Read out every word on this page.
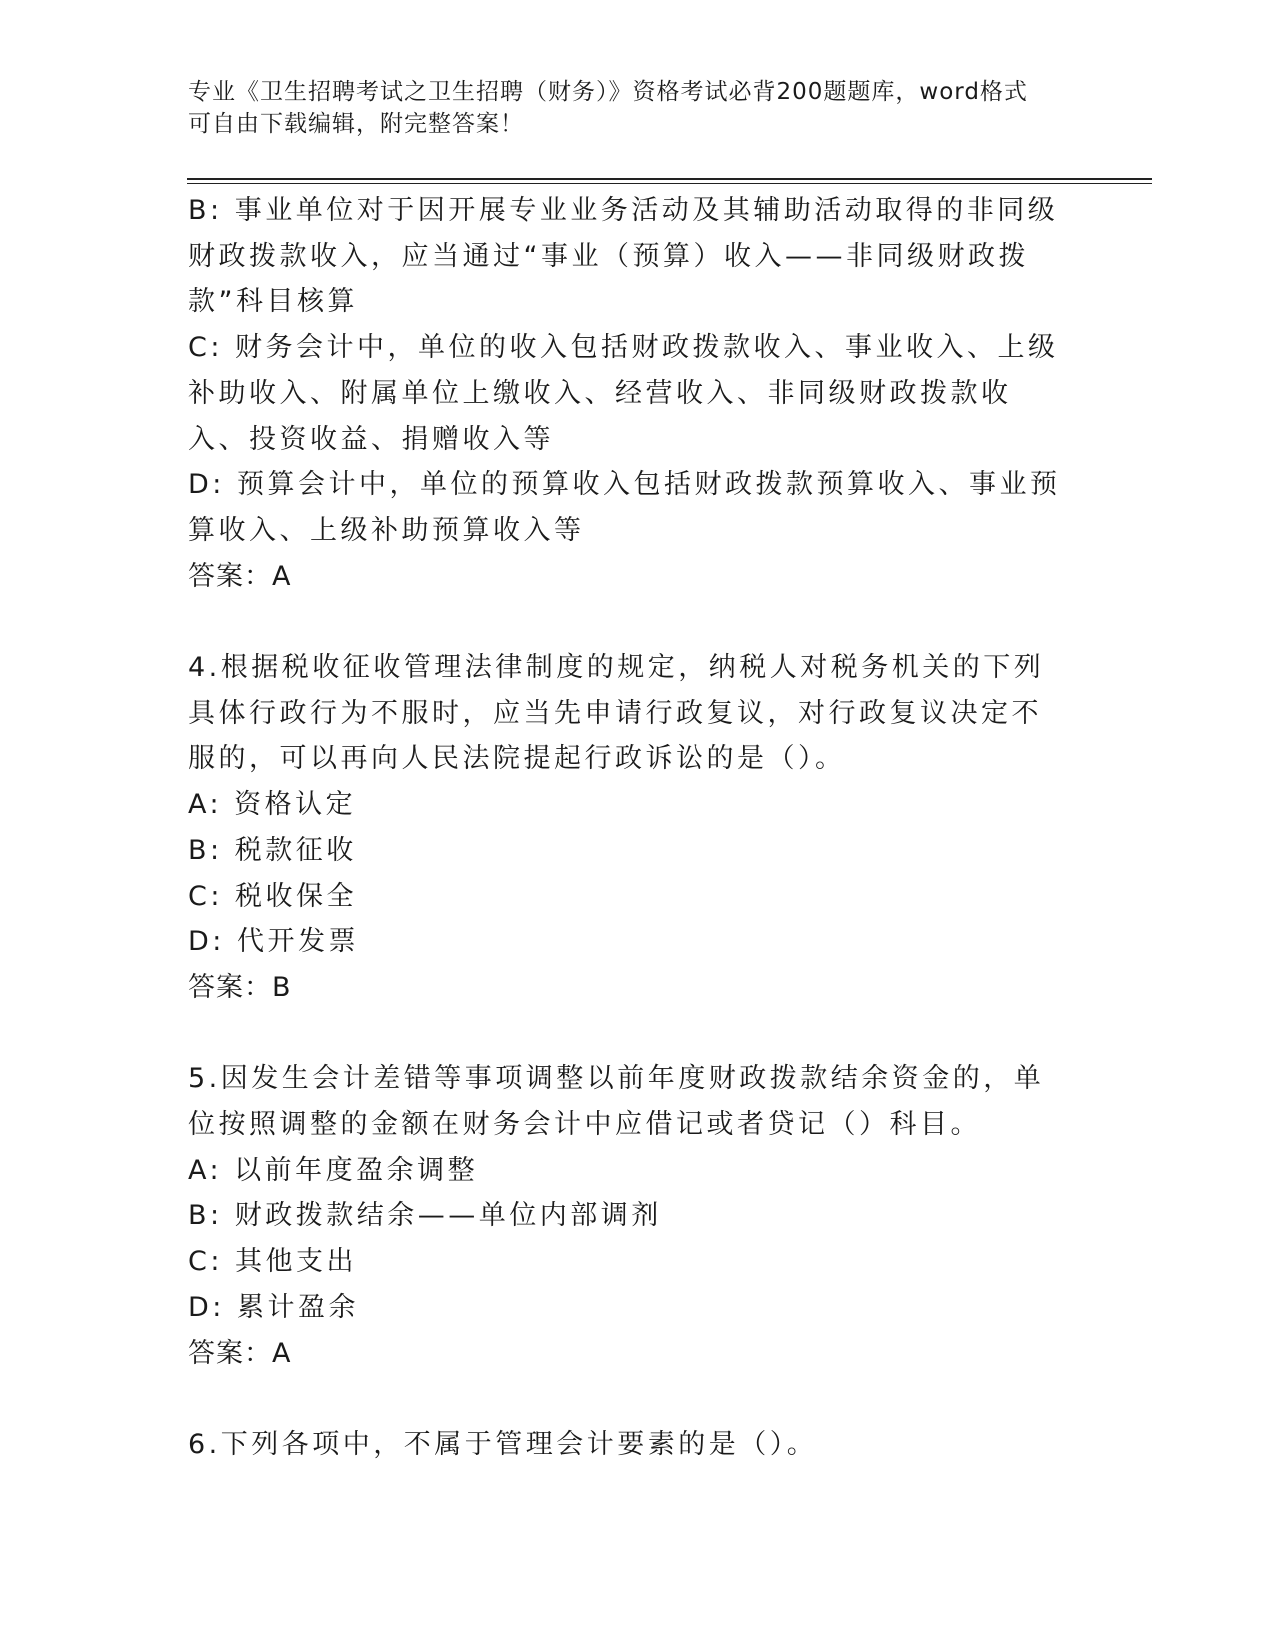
专业《卫生招聘考试之卫生招聘（财务）》资格考试必背200题题库，word格式
可自由下载编辑，附完整答案！

B: 事业单位对于因开展专业业务活动及其辅助活动取得的非同级财政拨款收入，应当通过“事业（预算）收入——非同级财政拨款”科目核算

C: 财务会计中，单位的收入包括财政拨款收入、事业收入、上级补助收入、附属单位上缴收入、经营收入、非同级财政拨款收入、投资收益、捐赠收入等

D: 预算会计中，单位的预算收入包括财政拨款预算收入、事业预算收入、上级补助预算收入等

答案：A

4.根据税收征收管理法律制度的规定，纳税人对税务机关的下列具体行政行为不服时，应当先申请行政复议，对行政复议决定不服的，可以再向人民法院提起行政诉讼的是（）。

A: 资格认定

B: 税款征收

C: 税收保全

D: 代开发票

答案：B

5.因发生会计差错等事项调整以前年度财政拨款结余资金的，单位按照调整的金额在财务会计中应借记或者贷记（）科目。

A: 以前年度盈余调整

B: 财政拨款结余——单位内部调剂

C: 其他支出

D: 累计盈余

答案：A

6.下列各项中，不属于管理会计要素的是（）。
